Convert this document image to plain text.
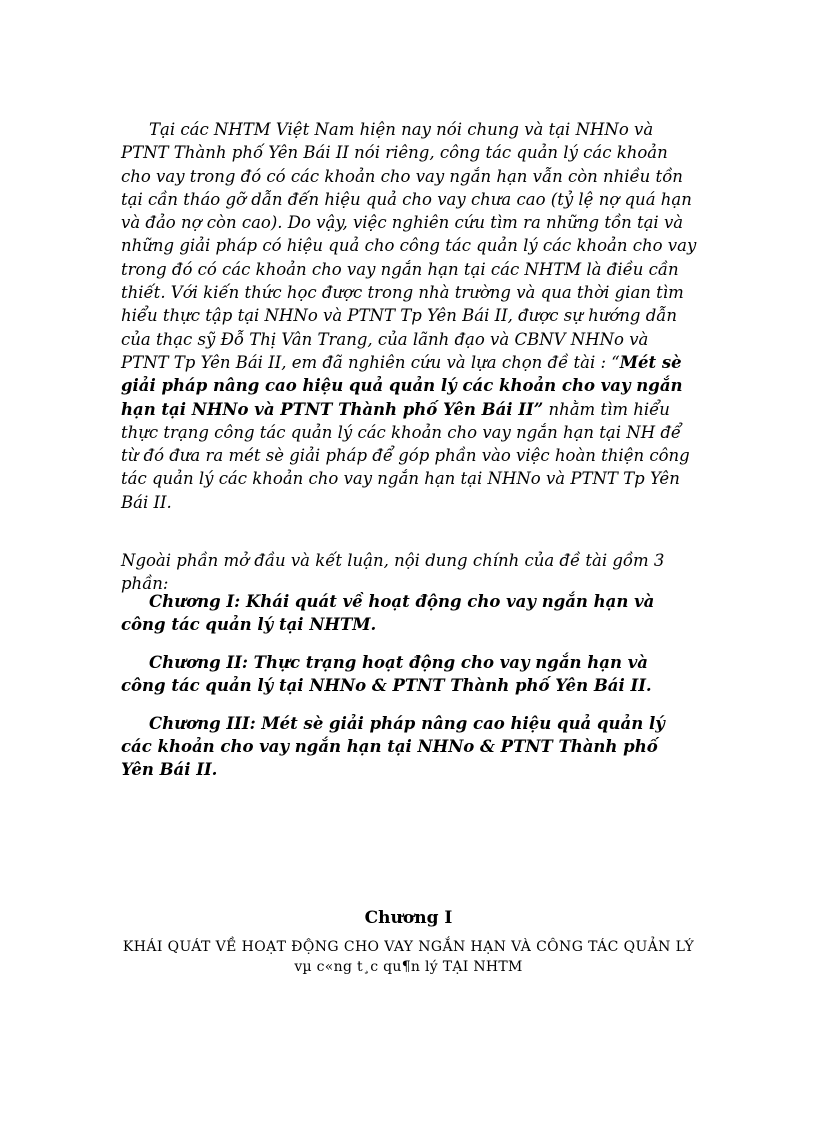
Tại các NHTM Việt Nam hiện nay nói chung và tại NHNo và PTNT Thành phố Yên Bái II nói riêng, công tác quản lý các khoản cho vay trong đó có các khoản cho vay ngắn hạn vẫn còn nhiều tồn tại cần tháo gỡ dẫn đến hiệu quả cho vay chưa cao (tỷ lệ nợ quá hạn và đảo nợ còn cao). Do vậy, việc nghiên cứu tìm ra những tồn tại và những giải pháp có hiệu quả cho công tác quản lý các khoản cho vay trong đó có các khoản cho vay ngắn hạn tại các NHTM là điều cần thiết. Với kiến thức học được trong nhà trường và qua thời gian tìm hiểu thực tập tại NHNo và PTNT Tp Yên Bái II, được sự hướng dẫn của thạc sỹ Đỗ Thị Vân Trang, của lãnh đạo và CBNV NHNo và PTNT Tp Yên Bái II, em đã nghiên cứu và lựa chọn đề tài : “Mét sè giải pháp nâng cao hiệu quả quản lý các khoản cho vay ngắn hạn tại NHNo và PTNT Thành phố Yên Bái II” nhằm tìm hiểu thực trạng công tác quản lý các khoản cho vay ngắn hạn tại NH để từ đó đưa ra mét sè giải pháp để góp phần vào việc hoàn thiện công tác quản lý các khoản cho vay ngắn hạn tại NHNo và PTNT Tp Yên Bái II.

Ngoài phần mở đầu và kết luận, nội dung chính của đề tài gồm 3 phần:

Chương I: Khái quát về hoạt động cho vay ngắn hạn và công tác quản lý tại NHTM.
Chương II: Thực trạng hoạt động cho vay ngắn hạn và công tác quản lý tại NHNo & PTNT Thành phố Yên Bái II.
Chương III: Mét sè giải pháp nâng cao hiệu quả quản lý các khoản cho vay ngắn hạn tại NHNo & PTNT Thành phố Yên Bái II.
Chương I
KHÁI QUÁT VỀ HOẠT ĐỘNG CHO VAY NGẮN HẠN VÀ CÔNG TÁC QUẢN LÝ
vµ c«ng t¸c qu¶n lý TẠI NHTM
